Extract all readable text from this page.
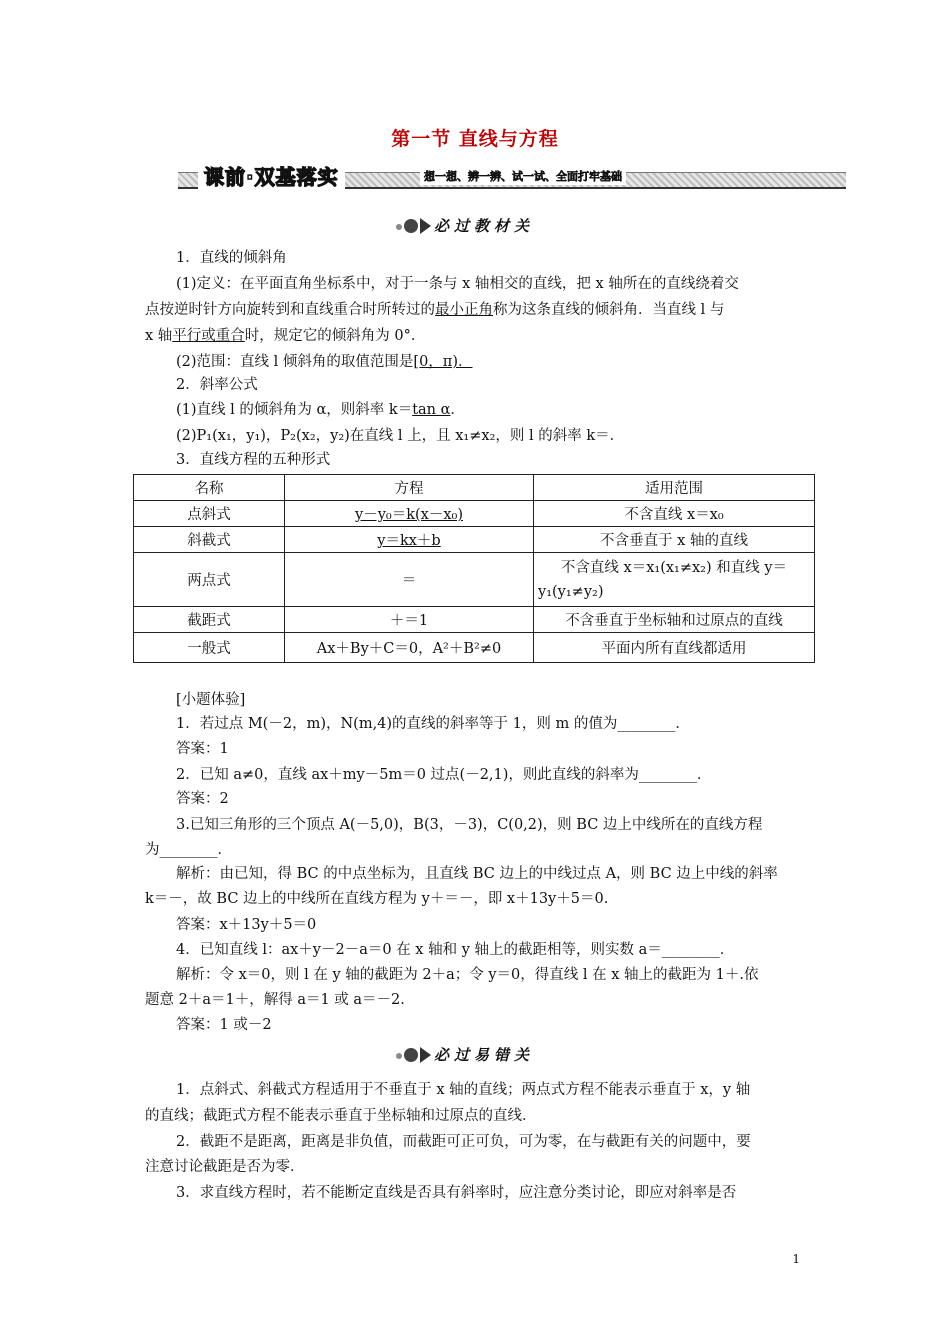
第一节 直线与方程
课前·双基落实	想一想、辨一辨、试一试、全面打牢基础
必过教材关
1．直线的倾斜角
(1)定义：在平面直角坐标系中，对于一条与 x 轴相交的直线，把 x 轴所在的直线绕着交
点按逆时针方向旋转到和直线重合时所转过的最小正角称为这条直线的倾斜角．当直线 l 与
x 轴平行或重合时，规定它的倾斜角为 0°．
(2)范围：直线 l 倾斜角的取值范围是[0，π)．
2．斜率公式
(1)直线 l 的倾斜角为 α，则斜率 k＝tan α．
(2)P₁(x₁，y₁)，P₂(x₂，y₂)在直线 l 上，且 x₁≠x₂，则 l 的斜率 k＝．
3．直线方程的五种形式
名称	方程	适用范围
点斜式	y－y₀＝k(x－x₀)	不含直线 x＝x₀
斜截式	y＝kx＋b	不含垂直于 x 轴的直线
两点式	＝	不含直线 x＝x₁(x₁≠x₂) 和直线 y＝
y₁(y₁≠y₂)

截距式	＋＝1	不含垂直于坐标轴和过原点的直线
一般式	Ax＋By＋C＝0，A²＋B²≠0	平面内所有直线都适用
[小题体验]
1．若过点 M(－2，m)，N(m,4)的直线的斜率等于 1，则 m 的值为________．
答案：1
2．已知 a≠0，直线 ax＋my－5m＝0 过点(－2,1)，则此直线的斜率为________．
答案：2
3.已知三角形的三个顶点 A(－5,0)，B(3，－3)，C(0,2)，则 BC 边上中线所在的直线方程
为________．
解析：由已知，得 BC 的中点坐标为，且直线 BC 边上的中线过点 A，则 BC 边上中线的斜率
k＝－，故 BC 边上的中线所在直线方程为 y＋＝－，即 x＋13y＋5＝0.
答案：x＋13y＋5＝0
4．已知直线 l：ax＋y－2－a＝0 在 x 轴和 y 轴上的截距相等，则实数 a＝________．
解析：令 x＝0，则 l 在 y 轴的截距为 2＋a；令 y＝0，得直线 l 在 x 轴上的截距为 1＋.依
题意 2＋a＝1＋，解得 a＝1 或 a＝－2.
答案：1 或－2
必过易错关
1．点斜式、斜截式方程适用于不垂直于 x 轴的直线；两点式方程不能表示垂直于 x，y 轴
的直线；截距式方程不能表示垂直于坐标轴和过原点的直线．
2．截距不是距离，距离是非负值，而截距可正可负，可为零，在与截距有关的问题中，要
注意讨论截距是否为零．
3．求直线方程时，若不能断定直线是否具有斜率时，应注意分类讨论，即应对斜率是否
1
